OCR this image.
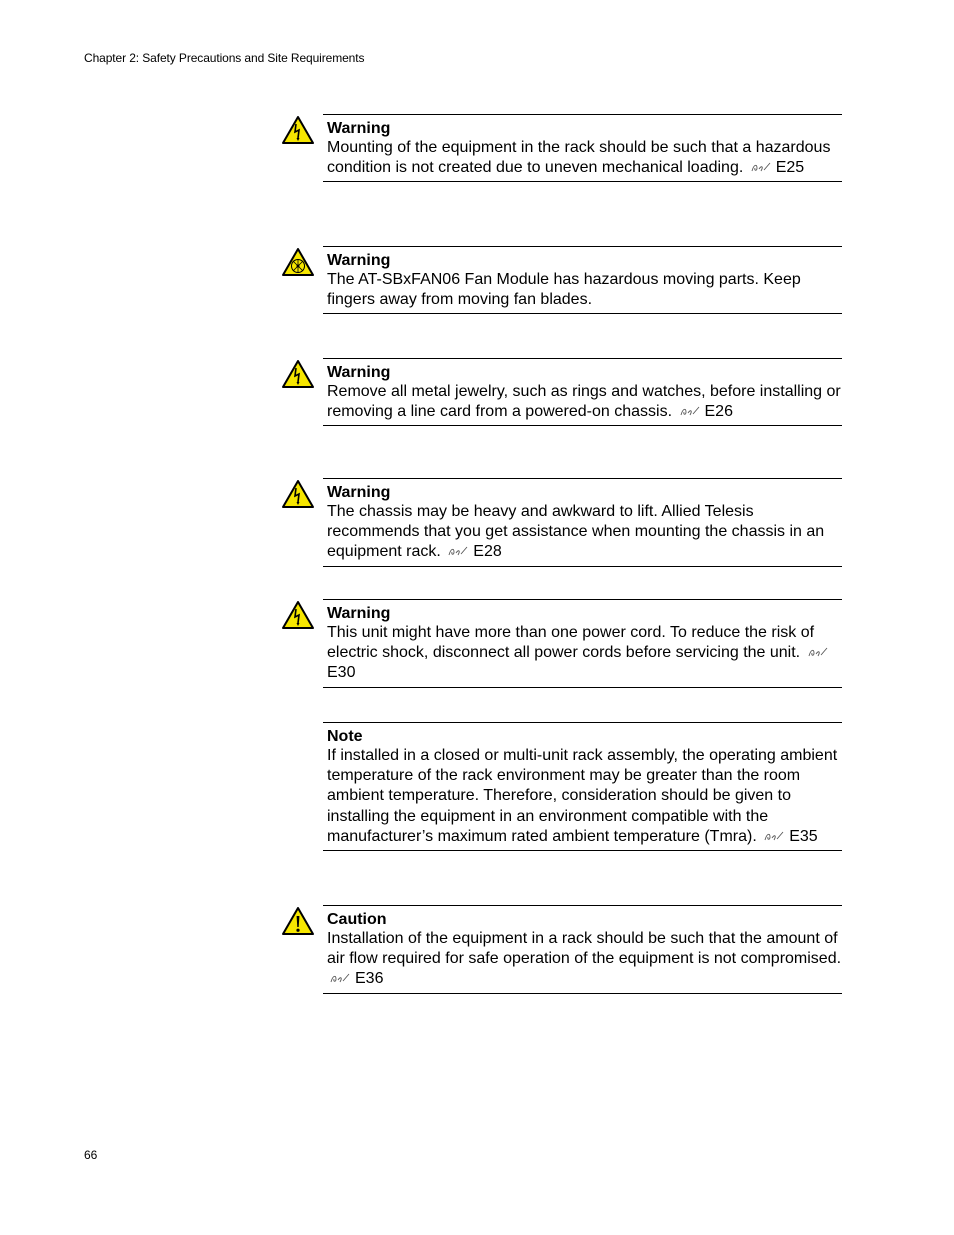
Chapter 2: Safety Precautions and Site Requirements
Warning
Mounting of the equipment in the rack should be such that a hazardous condition is not created due to uneven mechanical loading. E25
Warning
The AT-SBxFAN06 Fan Module has hazardous moving parts. Keep fingers away from moving fan blades.
Warning
Remove all metal jewelry, such as rings and watches, before installing or removing a line card from a powered-on chassis. E26
Warning
The chassis may be heavy and awkward to lift. Allied Telesis recommends that you get assistance when mounting the chassis in an equipment rack. E28
Warning
This unit might have more than one power cord. To reduce the risk of electric shock, disconnect all power cords before servicing the unit. E30
Note
If installed in a closed or multi-unit rack assembly, the operating ambient temperature of the rack environment may be greater than the room ambient temperature. Therefore, consideration should be given to installing the equipment in an environment compatible with the manufacturer’s maximum rated ambient temperature (Tmra). E35
Caution
Installation of the equipment in a rack should be such that the amount of air flow required for safe operation of the equipment is not compromised. E36
66
